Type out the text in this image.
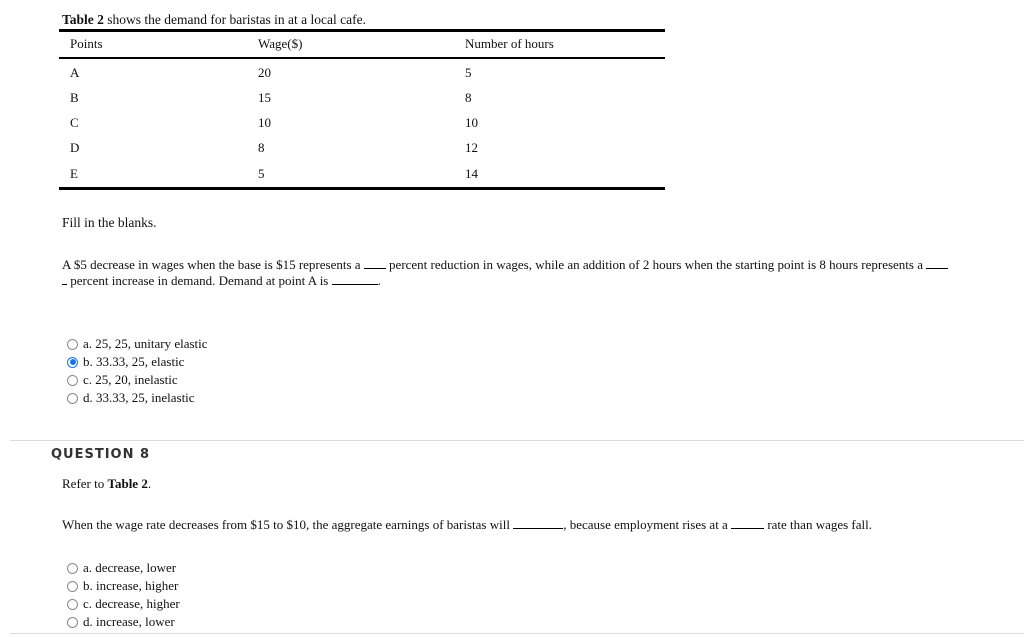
Table 2 shows the demand for baristas in at a local cafe.
Points	Wage($)	Number of hours
A	20	5
B	15	8
C	10	10
D	8	12
E	5	14
Fill in the blanks.
A $5 decrease in wages when the base is $15 represents a  percent reduction in wages, while an addition of 2 hours when the starting point is 8 hours represents a
percent increase in demand. Demand at point A is	.
a. 25, 25, unitary elastic
b. 33.33, 25, elastic
c. 25, 20, inelastic
d. 33.33, 25, inelastic
QUESTION 8
Refer to Table 2.
When the wage rate decreases from $15 to $10, the aggregate earnings of baristas will	, because employment rises at a	rate than wages fall.
a. decrease, lower
b. increase, higher
c. decrease, higher
d. increase, lower
